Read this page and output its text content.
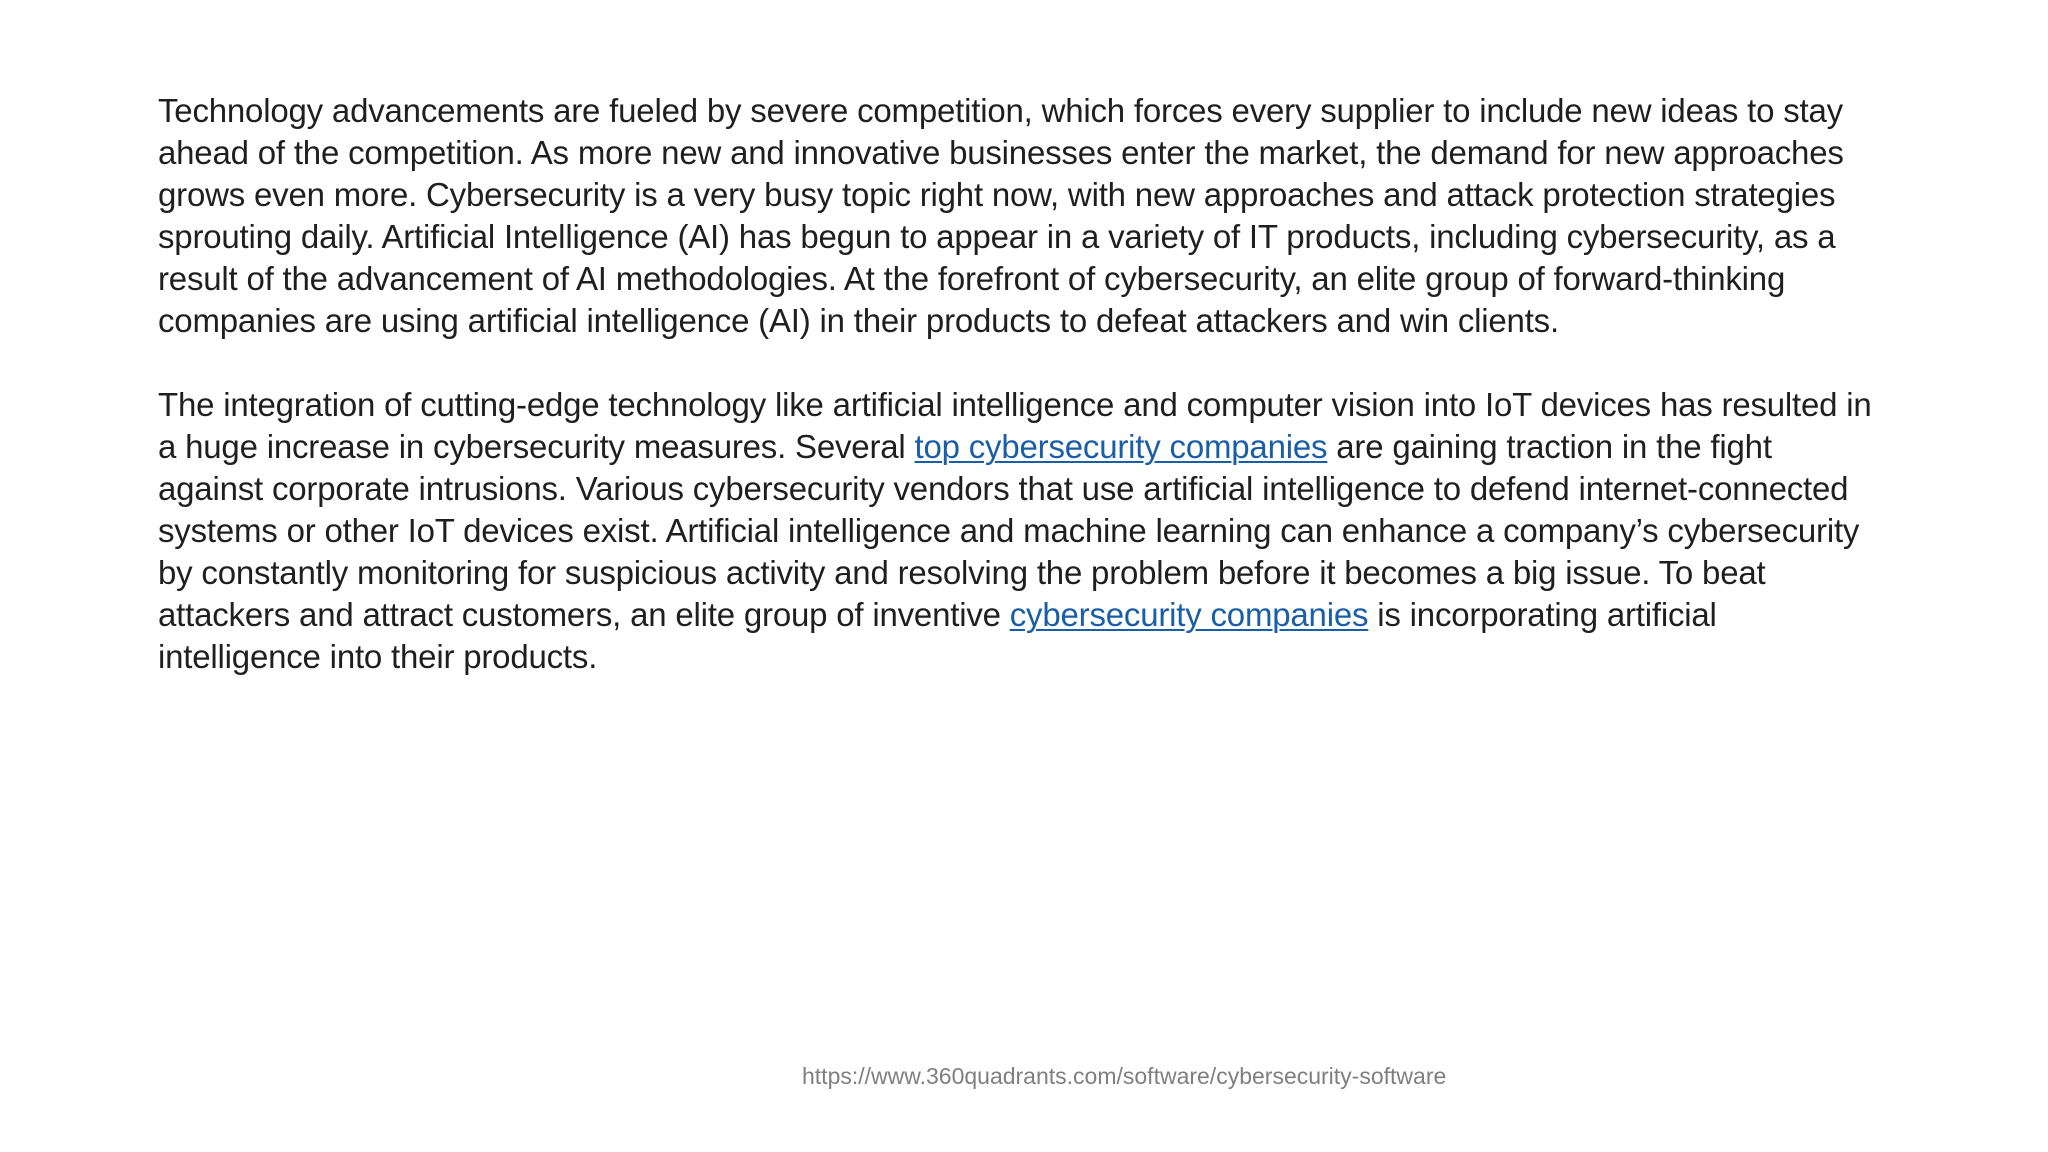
Technology advancements are fueled by severe competition, which forces every supplier to include new ideas to stay ahead of the competition. As more new and innovative businesses enter the market, the demand for new approaches grows even more. Cybersecurity is a very busy topic right now, with new approaches and attack protection strategies sprouting daily. Artificial Intelligence (AI) has begun to appear in a variety of IT products, including cybersecurity, as a result of the advancement of AI methodologies. At the forefront of cybersecurity, an elite group of forward-thinking companies are using artificial intelligence (AI) in their products to defeat attackers and win clients.

The integration of cutting-edge technology like artificial intelligence and computer vision into IoT devices has resulted in a huge increase in cybersecurity measures. Several top cybersecurity companies are gaining traction in the fight against corporate intrusions. Various cybersecurity vendors that use artificial intelligence to defend internet-connected systems or other IoT devices exist. Artificial intelligence and machine learning can enhance a company’s cybersecurity by constantly monitoring for suspicious activity and resolving the problem before it becomes a big issue. To beat attackers and attract customers, an elite group of inventive cybersecurity companies is incorporating artificial intelligence into their products.

https://www.360quadrants.com/software/cybersecurity-software
